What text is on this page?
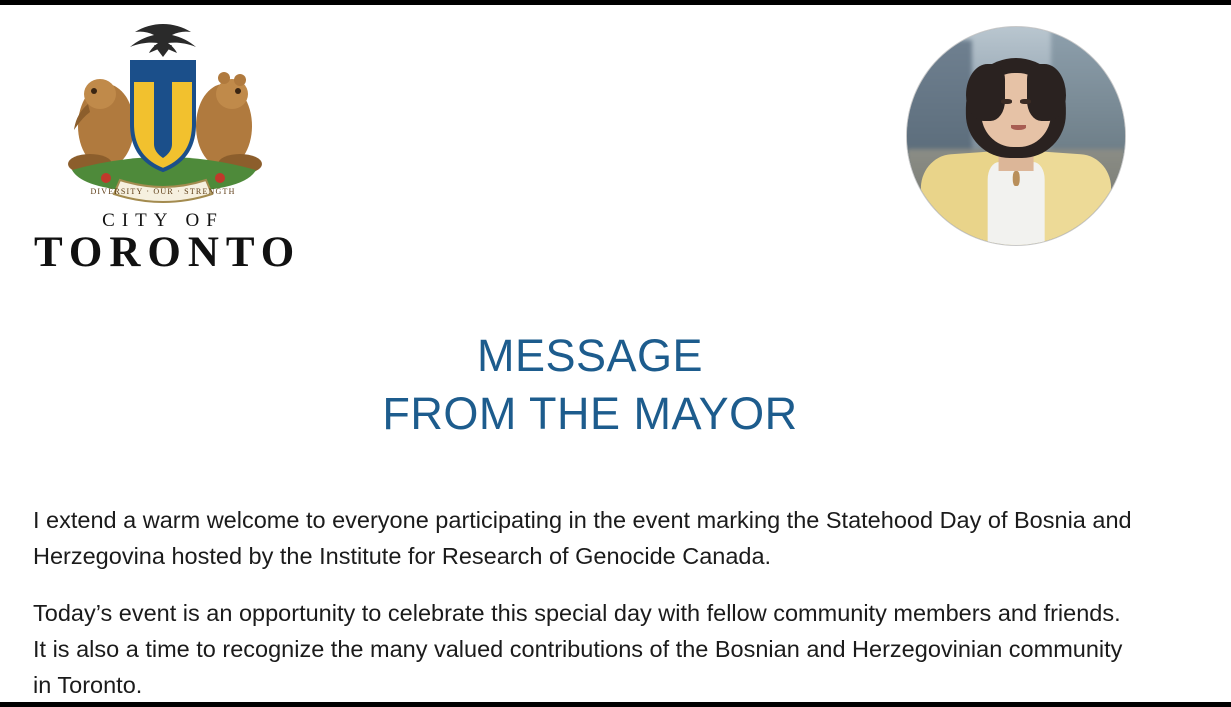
DIVERSITY · OUR · STRENGTH
CITY OF
TORONTO
MESSAGE
FROM THE MAYOR

I extend a warm welcome to everyone participating in the event marking the Statehood Day of Bosnia and Herzegovina hosted by the Institute for Research of Genocide Canada.

Today’s event is an opportunity to celebrate this special day with fellow community members and friends. It is also a time to recognize the many valued contributions of the Bosnian and Herzegovinian community in Toronto.
